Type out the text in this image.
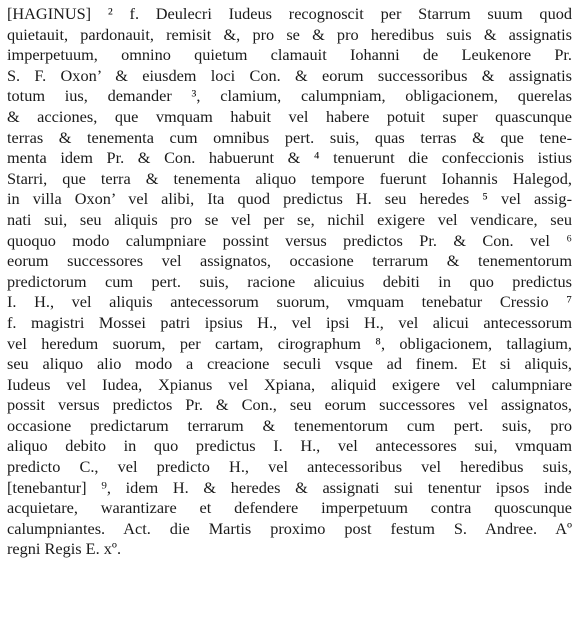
[HAGINUS] ² f. Deulecri Iudeus recognoscit per Starrum suum quod
quietauit, pardonauit, remisit &, pro se & pro heredibus suis & assignatis
imperpetuum, omnino quietum clamauit Iohanni de Leukenore Pr.
S. F. Oxon’ & eiusdem loci Con. & eorum successoribus & assignatis
totum ius, demander ³, clamium, calumpniam, obligacionem, querelas
& acciones, que vmquam habuit vel habere potuit super quascunque
terras & tenementa cum omnibus pert. suis, quas terras & que tene-
menta idem Pr. & Con. habuerunt & ⁴ tenuerunt die confeccionis istius
Starri, que terra & tenementa aliquo tempore fuerunt Iohannis Halegod,
in villa Oxon’ vel alibi, Ita quod predictus H. seu heredes ⁵ vel assig-
nati sui, seu aliquis pro se vel per se, nichil exigere vel vendicare, seu
quoquo modo calumpniare possint versus predictos Pr. & Con. vel ⁶
eorum successores vel assignatos, occasione terrarum & tenementorum
predictorum cum pert. suis, racione alicuius debiti in quo predictus
I. H., vel aliquis antecessorum suorum, vmquam tenebatur Cressio ⁷
f. magistri Mossei patri ipsius H., vel ipsi H., vel alicui antecessorum
vel heredum suorum, per cartam, cirographum ⁸, obligacionem, tallagium,
seu aliquo alio modo a creacione seculi vsque ad finem. Et si aliquis,
Iudeus vel Iudea, Xpianus vel Xpiana, aliquid exigere vel calumpniare
possit versus predictos Pr. & Con., seu eorum successores vel assignatos,
occasione predictarum terrarum & tenementorum cum pert. suis, pro
aliquo debito in quo predictus I. H., vel antecessores sui, vmquam
predicto C., vel predicto H., vel antecessoribus vel heredibus suis,
[tenebantur] ⁹, idem H. & heredes & assignati sui tenentur ipsos inde
acquietare, warantizare et defendere imperpetuum contra quoscunque
calumpniantes. Act. die Martis proximo post festum S. Andree. Aº
regni Regis E. xº.
